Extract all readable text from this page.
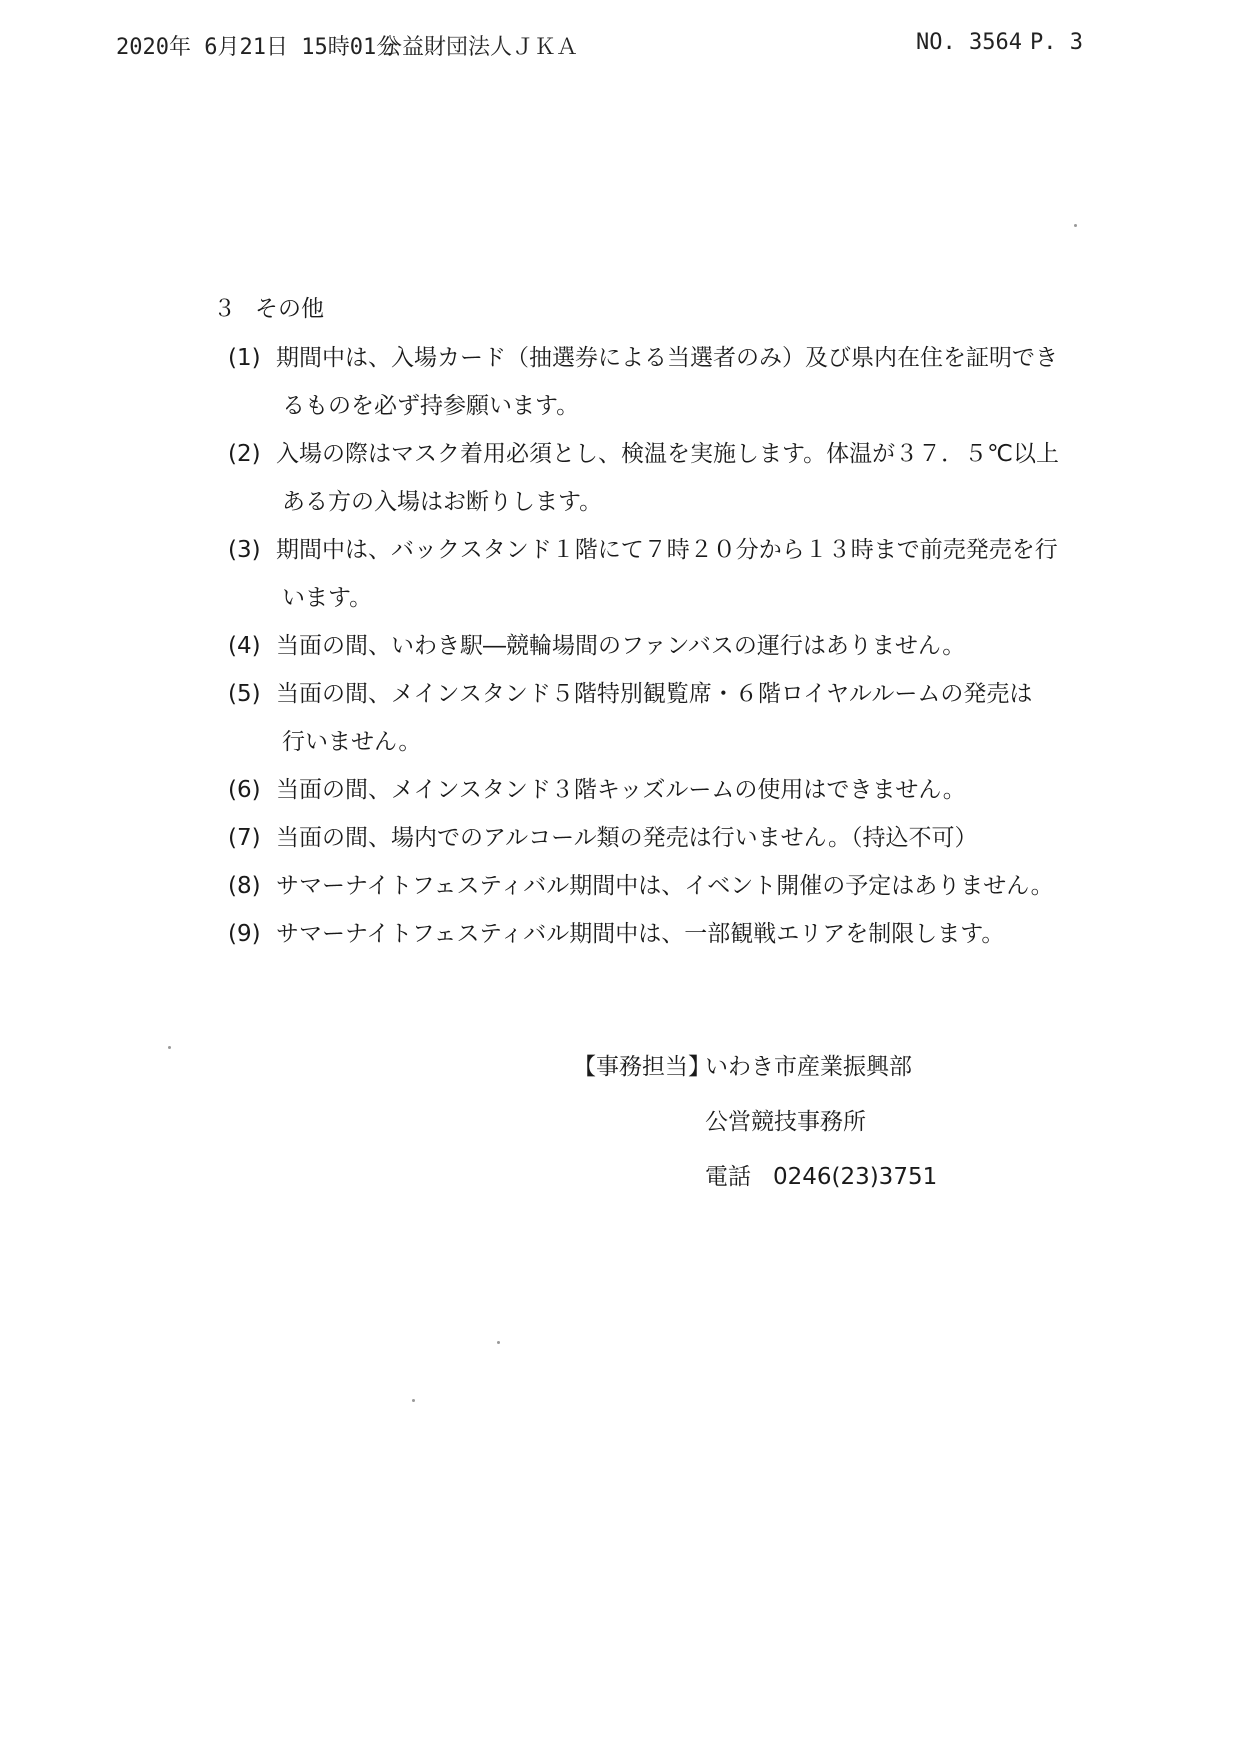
2020年 6月21日 15時01分
公益財団法人ＪＫＡ	NO. 3564 P. 3
３ その他
(1) 期間中は、入場カード（抽選券による当選者のみ）及び県内在住を証明でき
るものを必ず持参願います。
(2) 入場の際はマスク着用必須とし、検温を実施します。体温が３７．５℃以上
ある方の入場はお断りします。
(3) 期間中は、バックスタンド１階にて７時２０分から１３時まで前売発売を行
います。
(4) 当面の間、いわき駅―競輪場間のファンバスの運行はありません。
(5) 当面の間、メインスタンド５階特別観覧席・６階ロイヤルルームの発売は
行いません。
(6) 当面の間、メインスタンド３階キッズルームの使用はできません。
(7) 当面の間、場内でのアルコール類の発売は行いません。（持込不可）
(8) サマーナイトフェスティバル期間中は、イベント開催の予定はありません。
(9) サマーナイトフェスティバル期間中は、一部観戦エリアを制限します。
【事務担当】
いわき市産業振興部
公営競技事務所
電話 0246(23)3751
